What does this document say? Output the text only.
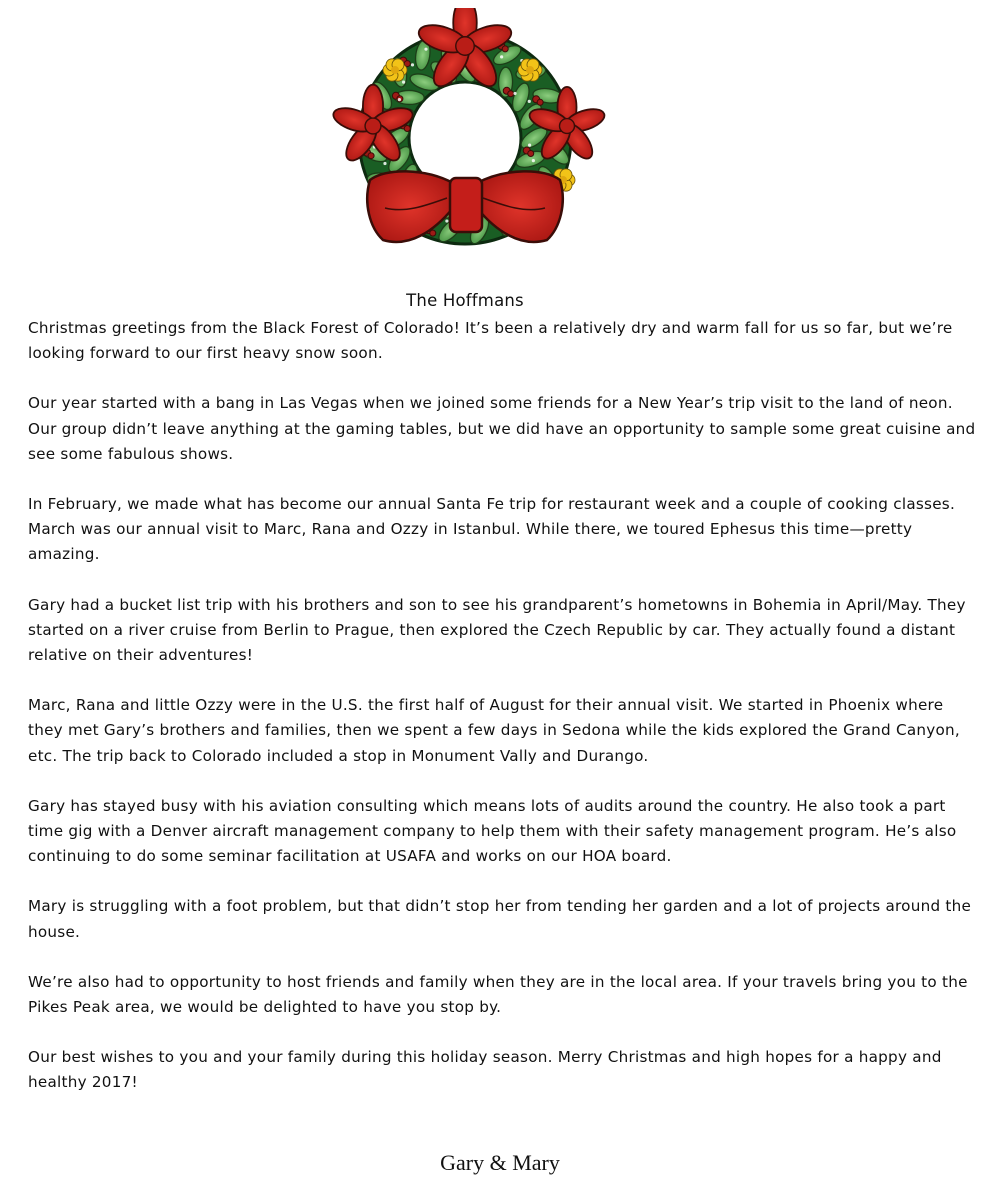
The Hoffmans

Christmas greetings from the Black Forest of Colorado! It’s been a relatively dry and warm fall for us so far, but we’re looking forward to our first heavy snow soon.

Our year started with a bang in Las Vegas when we joined some friends for a New Year’s trip visit to the land of neon. Our group didn’t leave anything at the gaming tables, but we did have an opportunity to sample some great cuisine and see some fabulous shows.

In February, we made what has become our annual Santa Fe trip for restaurant week and a couple of cooking classes. March was our annual visit to Marc, Rana and Ozzy in Istanbul. While there, we toured Ephesus this time—pretty amazing.

Gary had a bucket list trip with his brothers and son to see his grandparent’s hometowns in Bohemia in April/May. They started on a river cruise from Berlin to Prague, then explored the Czech Republic by car. They actually found a distant relative on their adventures!

Marc, Rana and little Ozzy were in the U.S. the first half of August for their annual visit. We started in Phoenix where they met Gary’s brothers and families, then we spent a few days in Sedona while the kids explored the Grand Canyon, etc. The trip back to Colorado included a stop in Monument Vally and Durango.

Gary has stayed busy with his aviation consulting which means lots of audits around the country. He also took a part time gig with a Denver aircraft management company to help them with their safety management program. He’s also continuing to do some seminar facilitation at USAFA and works on our HOA board.

Mary is struggling with a foot problem, but that didn’t stop her from tending her garden and a lot of projects around the house.

We’re also had to opportunity to host friends and family when they are in the local area. If your travels bring you to the Pikes Peak area, we would be delighted to have you stop by.

Our best wishes to you and your family during this holiday season. Merry Christmas and high hopes for a happy and healthy 2017!

Gary & Mary
